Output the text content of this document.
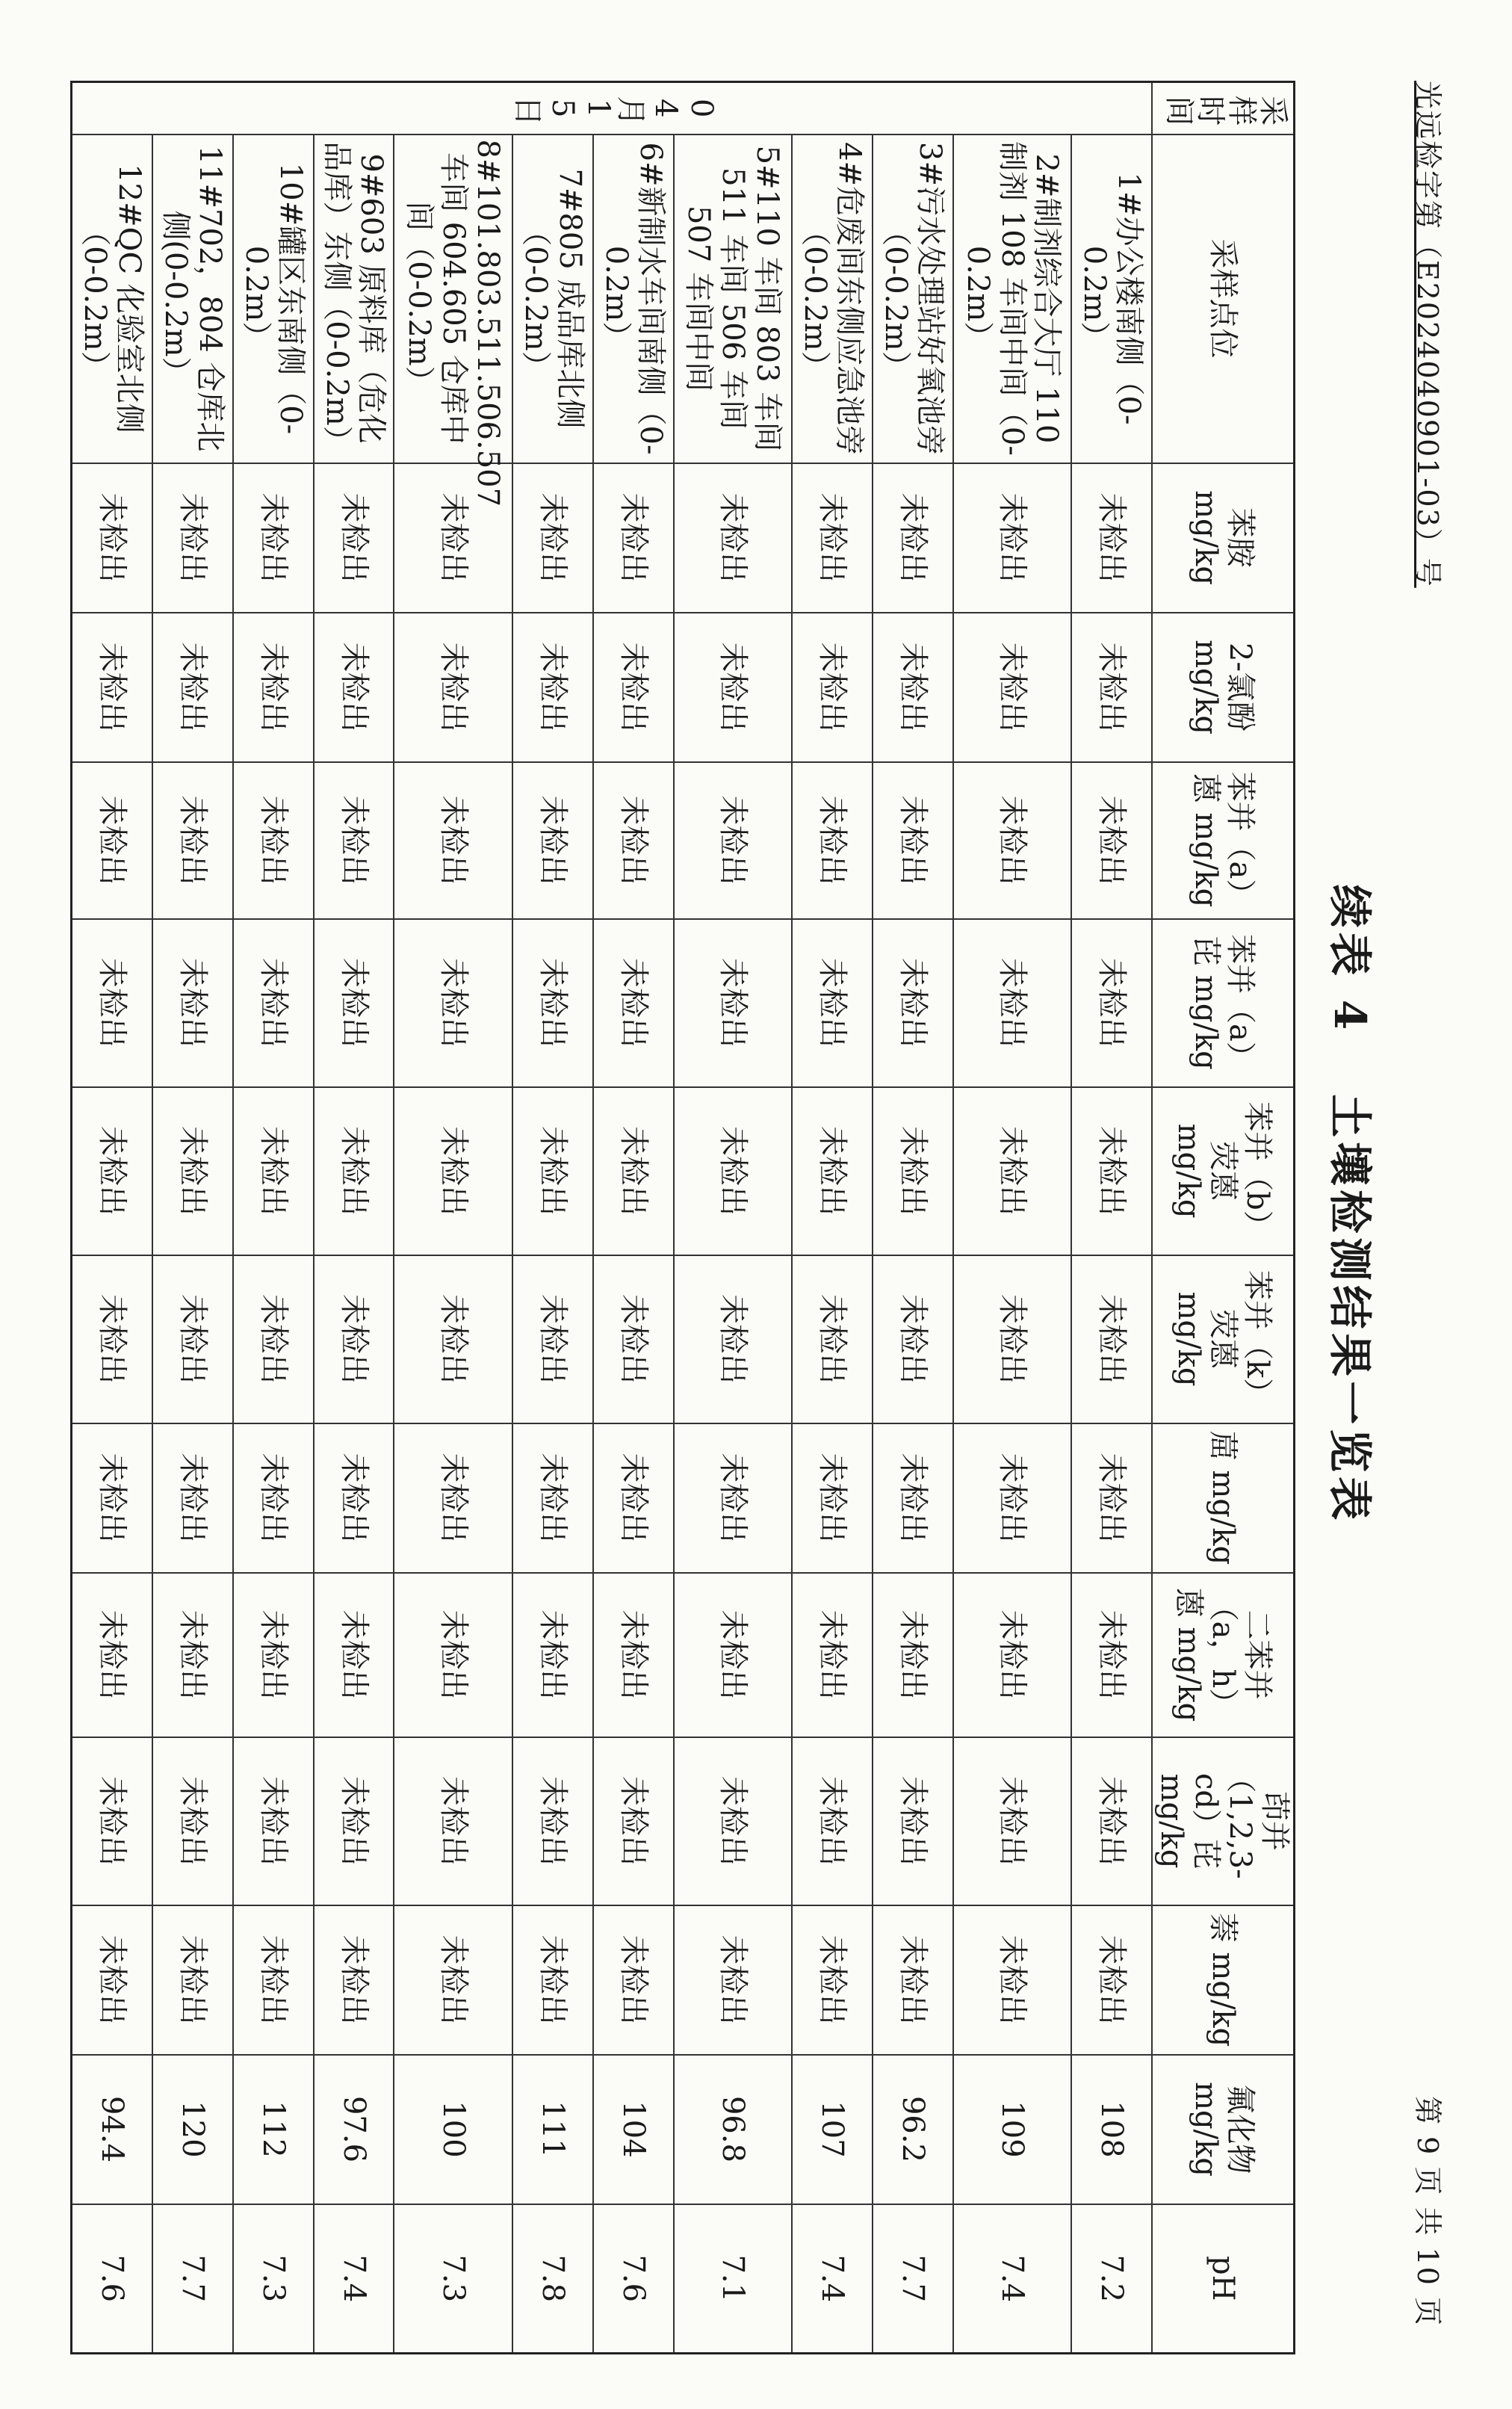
光远检字第（E2024040901-03）号
第 9 页 共 10 页
续表 4土壤检测结果一览表
采样时间	采样点位	苯胺 mg/kg	2-氯酚 mg/kg	苯并（a）蒽 mg/kg	苯并（a）芘 mg/kg	苯并（b）荧蒽 mg/kg	苯并（k）荧蒽 mg/kg	䓛 mg/kg	二苯并（a，h）蒽 mg/kg	茚并（1,2,3-cd）芘 mg/kg	萘 mg/kg	氟化物 mg/kg	pH
04月15日	1#办公楼南侧（0-0.2m）	未检出	未检出	未检出	未检出	未检出	未检出	未检出	未检出	未检出	未检出	108	7.2
	2#制剂综合大厅 110 制剂 108 车间中间（0-0.2m）	未检出	未检出	未检出	未检出	未检出	未检出	未检出	未检出	未检出	未检出	109	7.4
	3#污水处理站好氧池旁（0-0.2m）	未检出	未检出	未检出	未检出	未检出	未检出	未检出	未检出	未检出	未检出	96.2	7.7
	4#危废间东侧应急池旁（0-0.2m）	未检出	未检出	未检出	未检出	未检出	未检出	未检出	未检出	未检出	未检出	107	7.4
	5#110 车间 803 车间 511 车间 506 车间 507 车间中间	未检出	未检出	未检出	未检出	未检出	未检出	未检出	未检出	未检出	未检出	96.8	7.1
	6#新制水车间南侧（0-0.2m）	未检出	未检出	未检出	未检出	未检出	未检出	未检出	未检出	未检出	未检出	104	7.6
	7#805 成品库北侧（0-0.2m）	未检出	未检出	未检出	未检出	未检出	未检出	未检出	未检出	未检出	未检出	111	7.8
	8#101.803.511.506.507 车间 604.605 仓库中间（0-0.2m）	未检出	未检出	未检出	未检出	未检出	未检出	未检出	未检出	未检出	未检出	100	7.3
	9#603 原料库（危化品库）东侧（0-0.2m）	未检出	未检出	未检出	未检出	未检出	未检出	未检出	未检出	未检出	未检出	97.6	7.4
	10#罐区东南侧（0-0.2m）	未检出	未检出	未检出	未检出	未检出	未检出	未检出	未检出	未检出	未检出	112	7.3
	11#702，804 仓库北侧(0-0.2m）	未检出	未检出	未检出	未检出	未检出	未检出	未检出	未检出	未检出	未检出	120	7.7
	12#QC 化验室北侧（0-0.2m）	未检出	未检出	未检出	未检出	未检出	未检出	未检出	未检出	未检出	未检出	94.4	7.6
